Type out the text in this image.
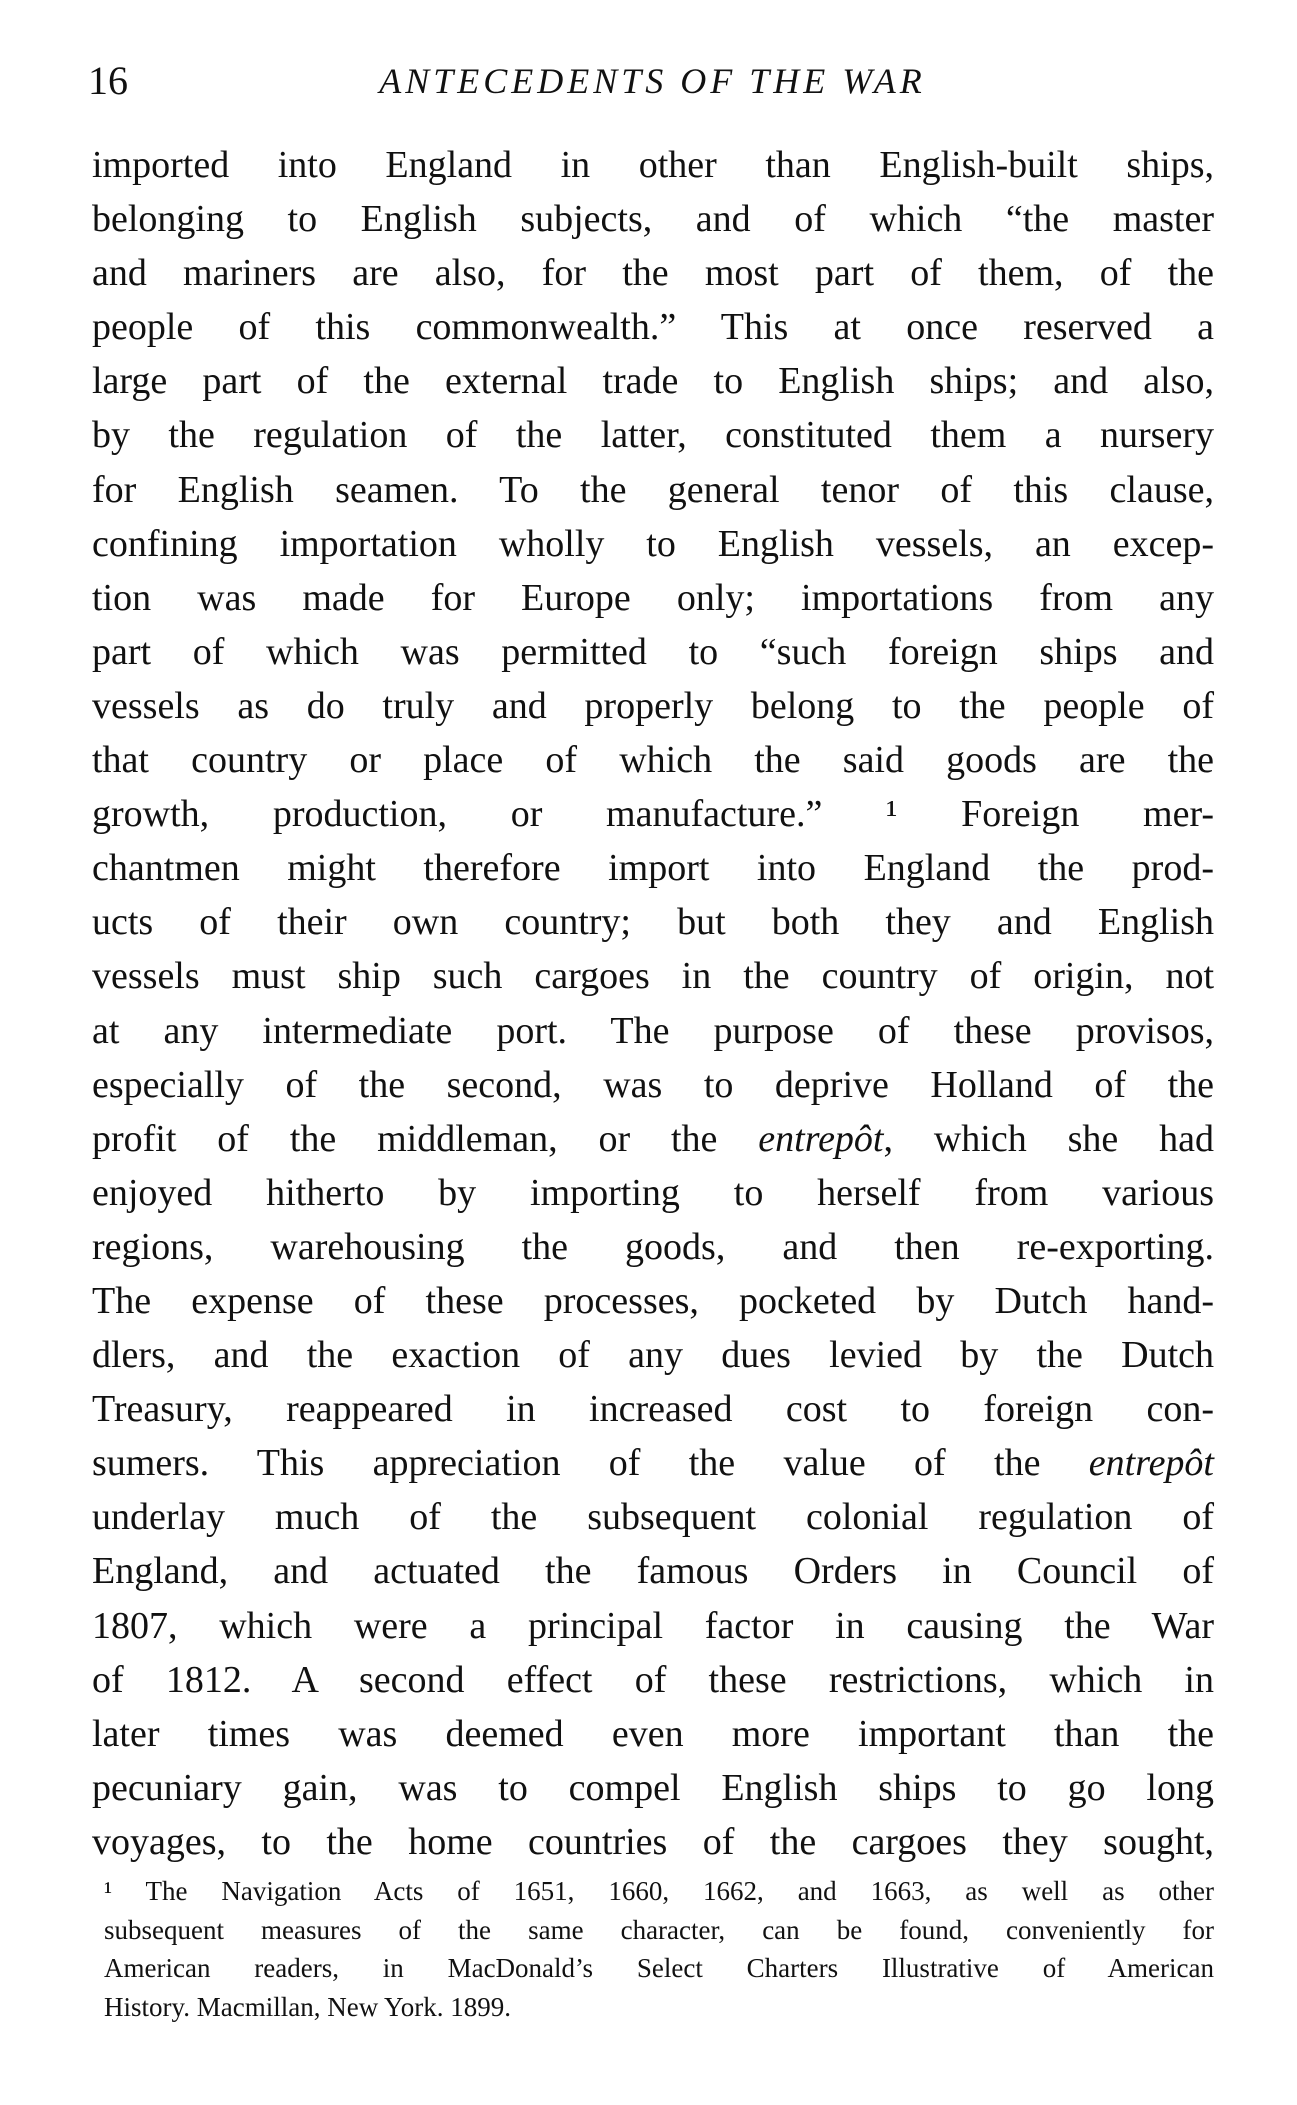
16	ANTECEDENTS OF THE WAR
imported into England in other than English-built ships,
belonging to English subjects, and of which “the master
and mariners are also, for the most part of them, of the
people of this commonwealth.” This at once reserved a
large part of the external trade to English ships; and also,
by the regulation of the latter, constituted them a nursery
for English seamen. To the general tenor of this clause,
confining importation wholly to English vessels, an excep-
tion was made for Europe only; importations from any
part of which was permitted to “such foreign ships and
vessels as do truly and properly belong to the people of
that country or place of which the said goods are the
growth, production, or manufacture.” ¹ Foreign mer-
chantmen might therefore import into England the prod-
ucts of their own country; but both they and English
vessels must ship such cargoes in the country of origin, not
at any intermediate port. The purpose of these provisos,
especially of the second, was to deprive Holland of the
profit of the middleman, or the entrepôt, which she had
enjoyed hitherto by importing to herself from various
regions, warehousing the goods, and then re-exporting.
The expense of these processes, pocketed by Dutch hand-
dlers, and the exaction of any dues levied by the Dutch
Treasury, reappeared in increased cost to foreign con-
sumers. This appreciation of the value of the entrepôt
underlay much of the subsequent colonial regulation of
England, and actuated the famous Orders in Council of
1807, which were a principal factor in causing the War
of 1812. A second effect of these restrictions, which in
later times was deemed even more important than the
pecuniary gain, was to compel English ships to go long
voyages, to the home countries of the cargoes they sought,
¹ The Navigation Acts of 1651, 1660, 1662, and 1663, as well as other
subsequent measures of the same character, can be found, conveniently for
American readers, in MacDonald’s Select Charters Illustrative of American
History. Macmillan, New York. 1899.
